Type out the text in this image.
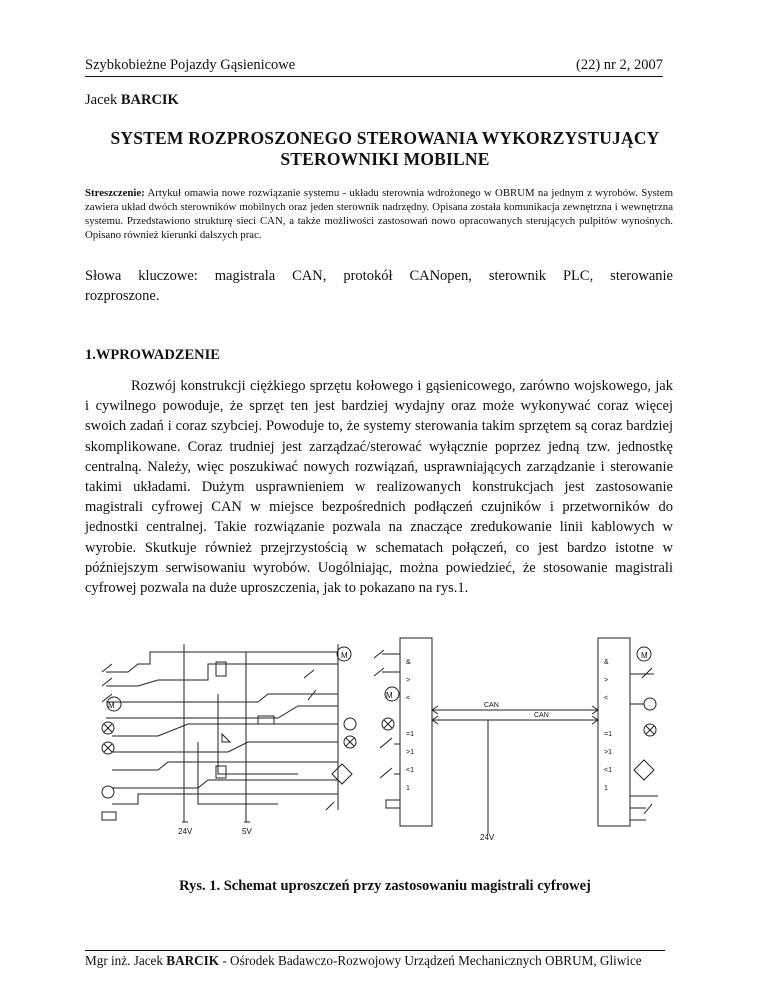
Szybkobieżne Pojazdy Gąsienicowe	(22) nr 2, 2007
Jacek BARCIK
SYSTEM ROZPROSZONEGO STEROWANIA WYKORZYSTUJĄCY
STEROWNIKI MOBILNE
Streszczenie: Artykuł omawia nowe rozwiązanie systemu - układu sterownia wdrożonego w OBRUM na jednym z wyrobów. System zawiera układ dwóch sterowników mobilnych oraz jeden sterownik nadrzędny. Opisana została komunikacja zewnętrzna i wewnętrzna systemu. Przedstawiono strukturę sieci CAN, a także możliwości zastosowań nowo opracowanych sterujących pulpitów wynośnych. Opisano również kierunki dalszych prac.
Słowa kluczowe: magistrala CAN, protokół CANopen, sterownik PLC, sterowanie rozproszone.
1.WPROWADZENIE
Rozwój konstrukcji ciężkiego sprzętu kołowego i gąsienicowego, zarówno wojskowego, jak i cywilnego powoduje, że sprzęt ten jest bardziej wydajny oraz może wykonywać coraz więcej swoich zadań i coraz szybciej. Powoduje to, że systemy sterowania takim sprzętem są coraz bardziej skomplikowane. Coraz trudniej jest zarządzać/sterować wyłącznie poprzez jedną tzw. jednostkę centralną. Należy, więc poszukiwać nowych rozwiązań, usprawniających zarządzanie i sterowanie takimi układami. Dużym usprawnieniem w realizowanych konstrukcjach jest zastosowanie magistrali cyfrowej CAN w miejsce bezpośrednich podłączeń czujników i przetworników do jednostki centralnej. Takie rozwiązanie pozwala na znaczące zredukowanie linii kablowych w wyrobie. Skutkuje również przejrzystością w schematach połączeń, co jest bardzo istotne w późniejszym serwisowaniu wyrobów. Uogólniając, można powiedzieć, że stosowanie magistrali cyfrowej pozwala na duże uproszczenia, jak to pokazano na rys.1.
M
M
24V	5V
CAN
CAN
M
M
24V
&
>
<
=1
>1
<1
1
&
>
<
=1
>1
<1
1
Rys. 1. Schemat uproszczeń przy zastosowaniu magistrali cyfrowej
Mgr inż. Jacek BARCIK - Ośrodek Badawczo-Rozwojowy Urządzeń Mechanicznych OBRUM, Gliwice
